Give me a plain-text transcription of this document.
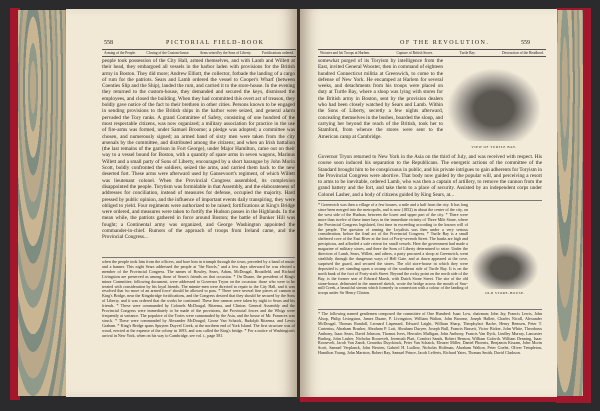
558	PICTORIAL FIELD-BOOK
Arming of the People.	Closing of the Custom-house.	Arms seized by the Sons of Liberty.	Fortifications ordered.
people took possession of the City Hall, armed themselves, and with Lamb and Willett at their head, they embargoed all vessels in the harbor laden with provisions for the British army in Boston. They did more; Andrew Elliott, the collector, forbade the landing of a cargo of rum for the patriots. Sears and Lamb ordered the vessel to Cooper's Wharf (between Coenties Slip and the Ship), landed the rum, and carried it to the store-house. In the evening they returned to the custom-house, they demanded and secured the keys, dismissed the employees, and closed the building. When they had committed this overt act of treason, they boldly gave notice of the fact to their brethren in other cities. Persons known to be engaged in sending provisions to the British ships in the harbor were seized, and general alarm pervaded the Tory ranks. A grand Committee of Safety, consisting of one hundred of the most respectable citizens, was now organized; a military association for practice in the use of fire-arms was formed, under Samuel Broome; a pledge was adopted; a committee was chosen, and numerously signed; an armed band of sixty men were taken from the city arsenals by the committee, and distributed among the citizens; and when an Irish battalion (the last remains of the garrison in Fort George), under Major Hamilton, came out on their way to a vessel bound for Boston, with a quantity of spare arms in seven wagons, Marinus Willett and a small party of Sons of Liberty, encouraged by a short harangue by John Morin Scott, boldly confronted the soldiers, seized the arms, and carried them back to the new deserted fort. These arms were afterward used by Gansevoort's regiment, of which Willett was lieutenant colonel. When the Provincial Congress assembled, its complexion disappointed the people. Torytism was formidable in that Assembly, and the elaborateness of addresses for conciliation, instead of measures for defense, occupied the majority. Hard pressed by public opinion, and the influence of important events daily transpiring, they were obliged to yield. Four regiments were authorized to be raised; fortifications at King's Bridge were ordered, and measures were taken to fortify the Hudson passes in the Highlands. In the mean while, the patriots gathered in force around Boston; the battle of Bunker Hill was fought; a Continental army was organized, and George Washington appointed the commander-in-chief. Rumors of the approach of troops from Ireland came, and the Provincial Congress...
when the people took him from the officers, and bore him in triumph through the town, preceded by a band of music and a banner. This night Sears addressed the people at "the Bowls," and a few days afterward he was elected a member of the Provincial Congress. The names of Rowley, Sears, Adam, McDougal, Broadfeld, and Richard Livingston are preserved as among those of Sears's friends on that occasion. * On Duane, the president of King's minor Committee, following document, were addressed to Governor Tryon on the occasion: those who were to be treated with consideration by his loyal friends. The minute-men were directed to repair to the City Hall, and it was resolved that 'no more of an armed force' should be allowed to pass. * There were several fine pieces of cannon at King's Bridge, near the Kingsbridge fortifications, and the Congress desired that they should be secured by the Sons of Liberty, and it was ordered that the works be continued. These fine cannon were taken by night to Sears and his friends. * These were commanded by Colonels McDougal, Ritzema, and Clinton. General Assembly and the Provincial Congress were immediately to be made of the provisions, the Provincial forces and the Whigs were frequently at variance. The populace of the Tories were cannonaded by the Asia, and the house of Mr. Fraunces was struck. * These were commanded by Alexander McDougal, Goose Van Schaick, Rudolph Ritzema, and Lewis Graham. * King's Bridge spans Spuyten Duyvel Creek, at the northern end of York Island. The first structure was of wood, erected at the expense of the colony in 1693, and was called the King's bridge. * For a notice of Washington's arrival in New York, when on his way to Cambridge, see vol. i., page 581.
OF THE REVOLUTION.	559
Wooster and his Troops at Harlem.	Capture of British Stores.	Turtle Bay.	Destruction of the Headbord.
somewhat purged of its Toryism by intelligence from the East, invited General Wooster, then in command of eighteen hundred Connecticut militia at Greenwich, to come to the defense of New York. He encamped at Harlem for several weeks, and detachments from his troops were placed on duty at Turtle Bay, where a sloop was lying with stores for the British army in Boston, sent by the provision dealers who had been closely watched by Sears and Lamb. Within the Sons of Liberty, secretly a few nights afterward, concealing themselves in the bushes, boarded the sloop, and carrying her beyond the reach of the British, took her to Stamford, from whence the stores were sent to the American camp at Cambridge.
VIEW OF TURTLE BAY.
Governor Tryon returned to New York in the Asia on the third of July, and was received with respect. His course soon induced his separation to the Republicans. The energetic actions of the committee of the Standard brought him to be conspicuous in public, and his private intrigues to gain adherents for Toryism in the Provincial Congress were abortive. That body now guided by the popular will, and perceiving a resort to arms to be inevitable, ordered Lamb, who was then a captain of artillery, to remove the cannon from the grand battery and the fort, and take them to a place of security. Assisted by an independent corps under Colonel Lasher, and a body of citizens guided by King Sears, at...
* Greenwich was then a village of a few houses, a mile and a half from the city. It has long since been merged into the metropolis, and is now (1852) in about the center of the city, on the west side of the Hudson, between the lower and upper part of the city. * There were more than twelve of these inner bays in the immediate vicinity of Three Mile Stone, where the Provincial Congress legislated, first time in exceeding according to the known will of the people. The question of arming the Loyalists was then under a very serious consideration, before the final act of the Provincial Congress. * Turtle Bay is a small sheltered cove of the East River at the foot of Forty-seventh Street. The banks are high and precipitous, and afforded a safe retreat for small vessels. Here the government had made a magazine of military stores, and there the Sons of Liberty determined to seize. Under the direction of Lamb, Sears, Willett, and others, a party procured a sloop at Greenwich, went stealthily through the dangerous ways of Hell Gate, and at dawn appeared at the cove, surprised the guard, and secured the stores. The old store-house in which they were deposited is yet standing upon a swamp of the southeast side of Turtle Bay. It is on the north bank of the foot of Forty-sixth Street. Beyond the rocky point on the north side of the Bay, is the former seat of Edward Marsh, with Dutch Stone Street. The site of the old stone-house, delineated in the annexed sketch, wrote the bridge across the mouth of Saw-mill Creek, a beautiful stream which formerly in connection with a colour of the landing of troops under Sir Henry Clinton.	OLD STORE-HOUSE.
* The following named gentlemen composed the committee of One Hundred: Isaac Low, chairman; John Jay, Francis Lewis, John Alsop, Philip Livingston, James Duane, P. Livingston, William Walton, John Broome, Joseph Hallett, Charles Nicoll, Alexander McDougal, Thomas Randall, Leonard Lispenard, Edward Laight, William Sharp, Theophylact Bache, Henry Remsen, Peter T. Curtenius, Abraham Brasher, Abraham P. Lott, Abraham Duryee, Joseph Bull, Francis Bassett, Victor Bicker, John White, Theodorus Anthony, Isaac Sears, David Johnson, Thomas Ivers, Hercules Mulligan, John Anthony, Francis Van Dyck, Lindley Murray, Lancaster Burling, John Lasher, Nicholas Roosevelt, Jeremiah Platt, Comfort Sands, Robert Benson, William Goforth, William Denning, Isaac Roosevelt, Jacob Van Zandt, Gerardus Duyckinck, Peter Van Schaick, Eleazer Miller, Daniel Phoenix, Benjamin Kissam, John Morin Scott, Samuel Verplanck, John Berrien, Gabriel H. Ludlow, Nicholas Hoffman, Abraham Walton, Peter Goelet, Oliver Templeton, Hamilton Young, John Marston, Robert Ray, Samuel Prince, Jacob Lefferts, Richard Yates, Thomas Smith, David Clarkson.
